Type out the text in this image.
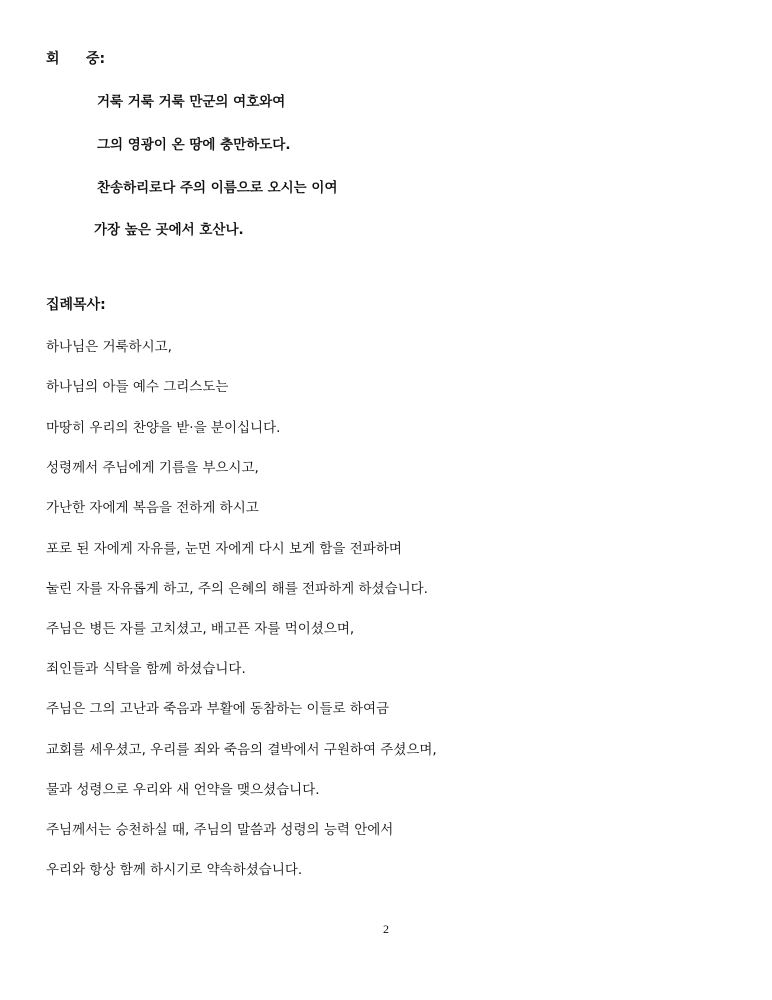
회 중:
거룩 거룩 거룩 만군의 여호와여
그의 영광이 온 땅에 충만하도다.
찬송하리로다 주의 이름으로 오시는 이여
가장 높은 곳에서 호산나.
집례목사:
하나님은 거룩하시고,
하나님의 아들 예수 그리스도는
마땅히 우리의 찬양을 받·을 분이십니다.
성령께서 주님에게 기름을 부으시고,
가난한 자에게 복음을 전하게 하시고
포로 된 자에게 자유를, 눈먼 자에게 다시 보게 함을 전파하며
눌린 자를 자유롭게 하고, 주의 은혜의 해를 전파하게 하셨습니다.
주님은 병든 자를 고치셨고, 배고픈 자를 먹이셨으며,
죄인들과 식탁을 함께 하셨습니다.
주님은 그의 고난과 죽음과 부활에 동참하는 이들로 하여금
교회를 세우셨고, 우리를 죄와 죽음의 결박에서 구원하여 주셨으며,
물과 성령으로 우리와 새 언약을 맺으셨습니다.
주님께서는 승천하실 때, 주님의 말씀과 성령의 능력 안에서
우리와 항상 함께 하시기로 약속하셨습니다.
2
